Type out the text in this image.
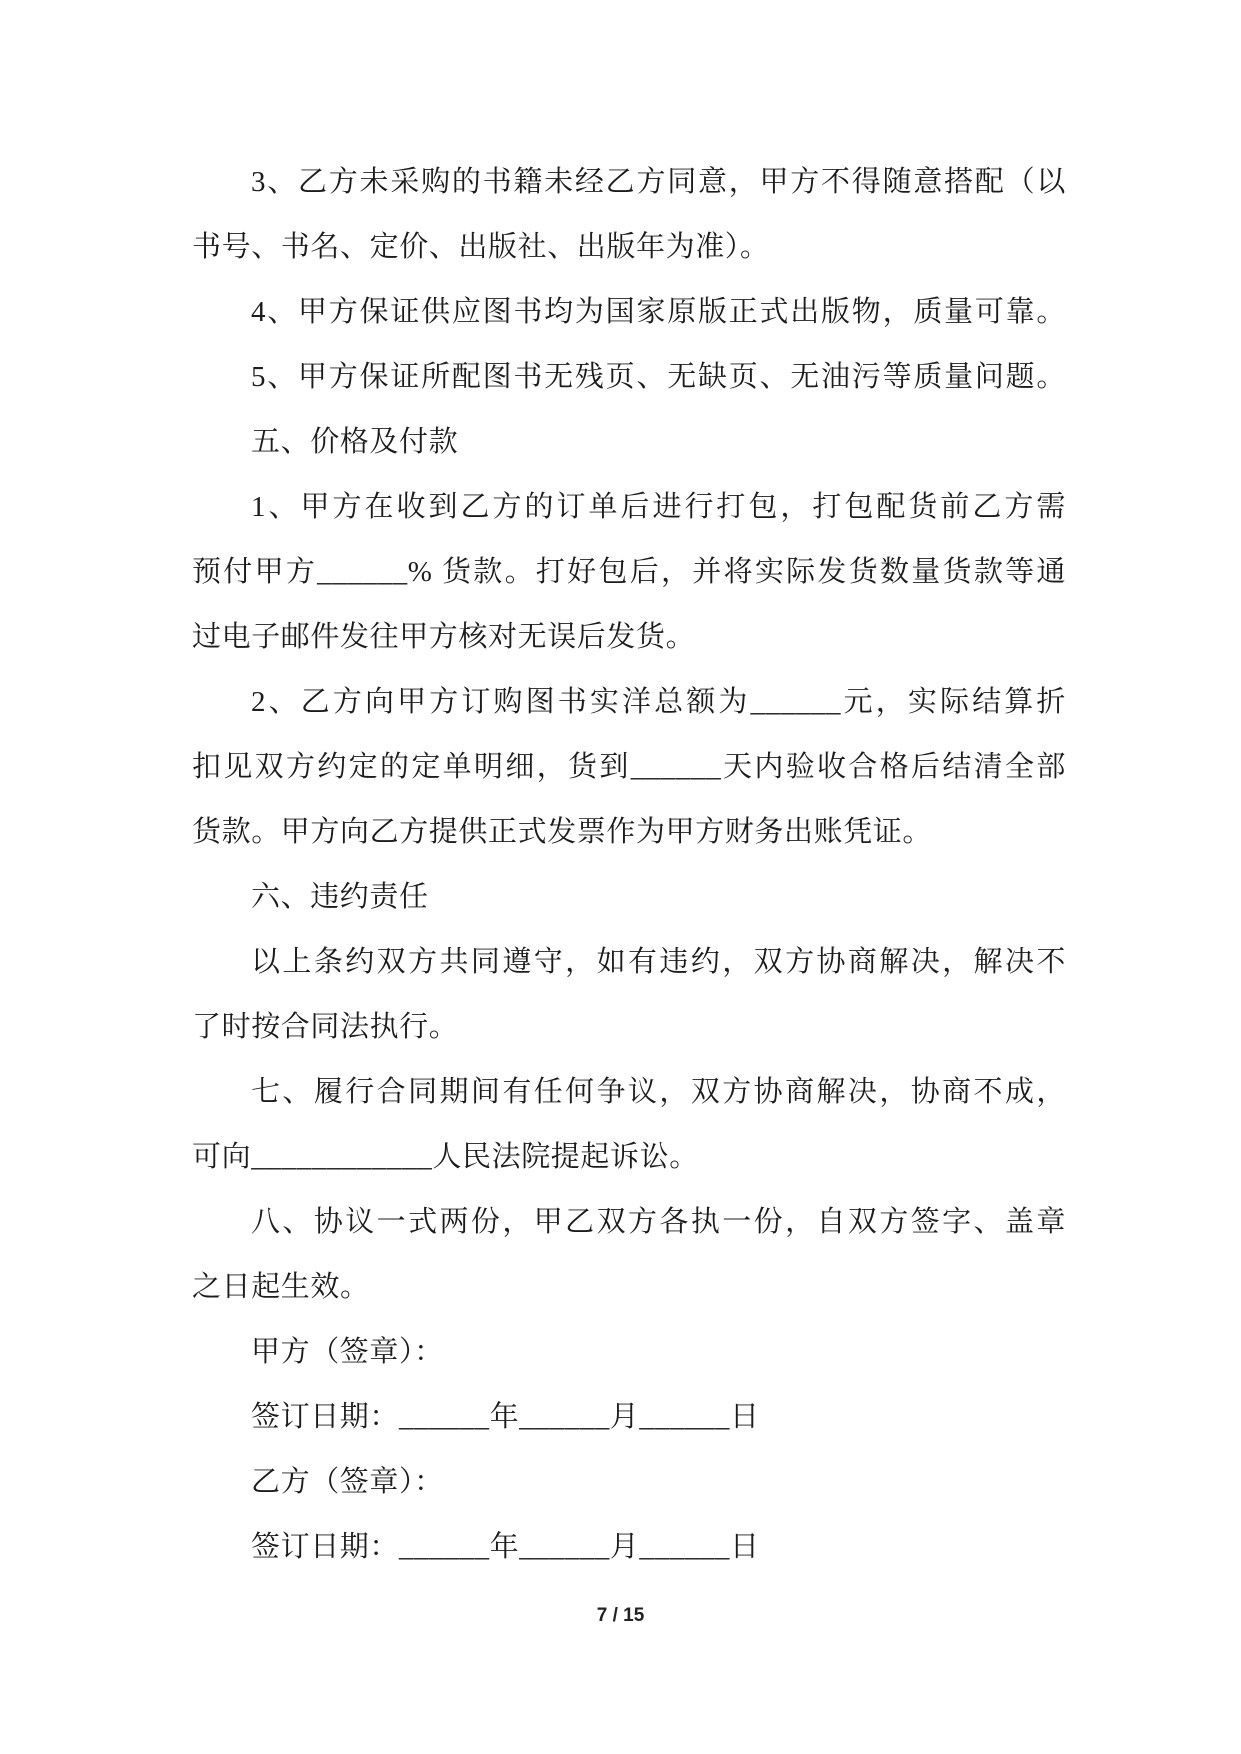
3、乙方未采购的书籍未经乙方同意，甲方不得随意搭配（以
书号、书名、定价、出版社、出版年为准）。
4、甲方保证供应图书均为国家原版正式出版物，质量可靠。
5、甲方保证所配图书无残页、无缺页、无油污等质量问题。
五、价格及付款
1、甲方在收到乙方的订单后进行打包，打包配货前乙方需
预付甲方______% 货款。打好包后，并将实际发货数量货款等通
过电子邮件发往甲方核对无误后发货。
2、乙方向甲方订购图书实洋总额为______元，实际结算折
扣见双方约定的定单明细，货到______天内验收合格后结清全部
货款。甲方向乙方提供正式发票作为甲方财务出账凭证。
六、违约责任
以上条约双方共同遵守，如有违约，双方协商解决，解决不
了时按合同法执行。
七、履行合同期间有任何争议，双方协商解决，协商不成，
可向____________人民法院提起诉讼。
八、协议一式两份，甲乙双方各执一份，自双方签字、盖章
之日起生效。
甲方（签章）：
签订日期：______年______月______日
乙方（签章）：
签订日期：______年______月______日
7 / 15
